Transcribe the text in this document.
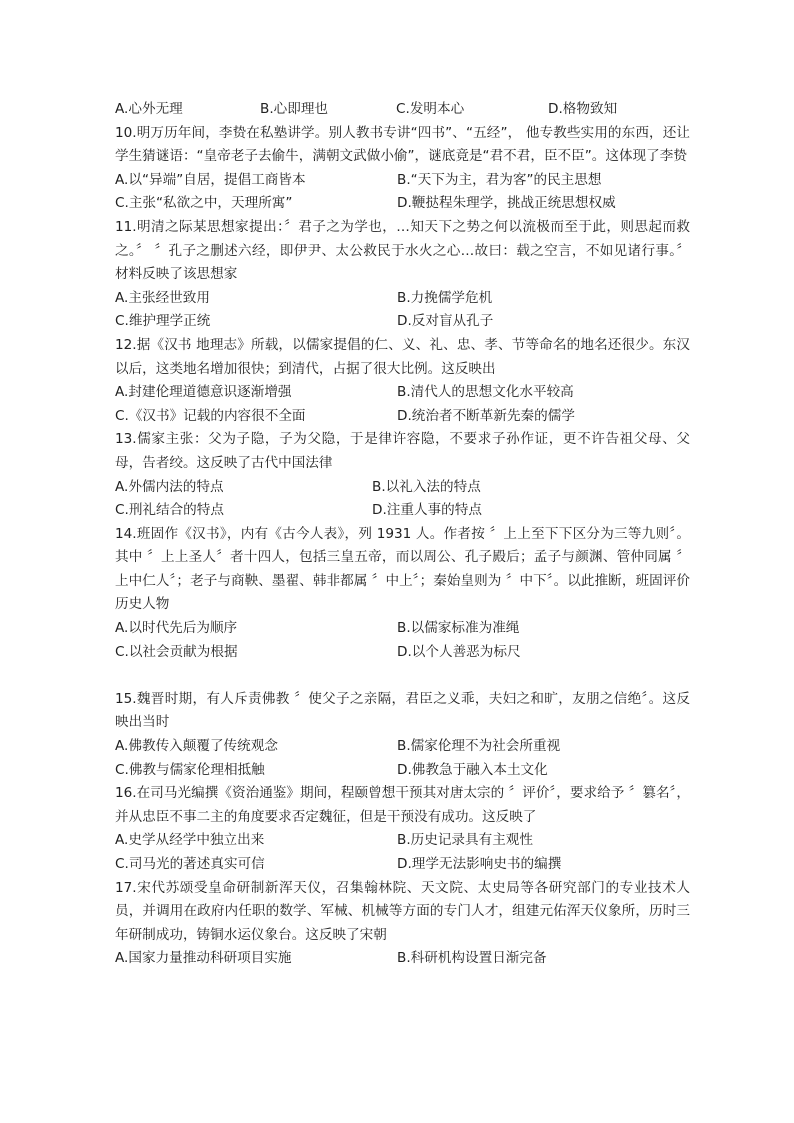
A.心外无理	B.心即理也	C.发明本心	D.格物致知
10.明万历年间，李贽在私塾讲学。别人教书专讲“四书”、“五经”， 他专教些实用的东西，还让学生猜谜语：“皇帝老子去偷牛，满朝文武做小偷”，谜底竟是“君不君，臣不臣”。这体现了李贽
A.以“异端”自居，提倡工商皆本	B.“天下为主，君为客”的民主思想
C.主张“私欲之中，天理所寓”	D.鞭挞程朱理学，挑战正统思想权威
11.明清之际某思想家提出：〞君子之为学也，…知天下之势之何以流极而至于此，则思起而救之。〞 〞孔子之删述六经，即伊尹、太公救民于水火之心…故曰：载之空言，不如见诸行事。〞 材料反映了该思想家
A.主张经世致用	B.力挽儒学危机
C.维护理学正统	D.反对盲从孔子
12.据《汉书 地理志》所载，以儒家提倡的仁、义、礼、忠、孝、节等命名的地名还很少。东汉以后，这类地名增加很快；到清代，占据了很大比例。这反映出
A.封建伦理道德意识逐渐增强	B.清代人的思想文化水平较高
C.《汉书》记载的内容很不全面	D.统治者不断革新先秦的儒学
13.儒家主张：父为子隐，子为父隐，于是律许容隐，不要求子孙作证，更不许告祖父母、父母，告者绞。这反映了古代中国法律
A.外儒内法的特点	B.以礼入法的特点
C.刑礼结合的特点	D.注重人事的特点
14.班固作《汉书》，内有《古今人表》，列 1931 人。作者按 〞上上至下下区分为三等九则〞。其中 〞上上圣人〞者十四人，包括三皇五帝，而以周公、孔子殿后；孟子与颜渊、管仲同属 〞上中仁人〞；老子与商鞅、墨翟、韩非都属 〞中上〞；秦始皇则为 〞中下〞。以此推断，班固评价历史人物
A.以时代先后为顺序	B.以儒家标准为准绳
C.以社会贡献为根据	D.以个人善恶为标尺
15.魏晋时期，有人斥责佛教 〞使父子之亲隔，君臣之义乖，夫妇之和旷，友朋之信绝〞。这反映出当时
A.佛教传入颠覆了传统观念	B.儒家伦理不为社会所重视
C.佛教与儒家伦理相抵触	D.佛教急于融入本土文化
16.在司马光编撰《资治通鉴》期间，程颐曾想干预其对唐太宗的 〞评价〞，要求给予 〞篡名〞，并从忠臣不事二主的角度要求否定魏征，但是干预没有成功。这反映了
A.史学从经学中独立出来	B.历史记录具有主观性
C.司马光的著述真实可信	D.理学无法影响史书的编撰
17.宋代苏颂受皇命研制新浑天仪，召集翰林院、天文院、太史局等各研究部门的专业技术人员，并调用在政府内任职的数学、军械、机械等方面的专门人才，组建元佑浑天仪象所，历时三年研制成功，铸铜水运仪象台。这反映了宋朝
A.国家力量推动科研项目实施	B.科研机构设置日渐完备
